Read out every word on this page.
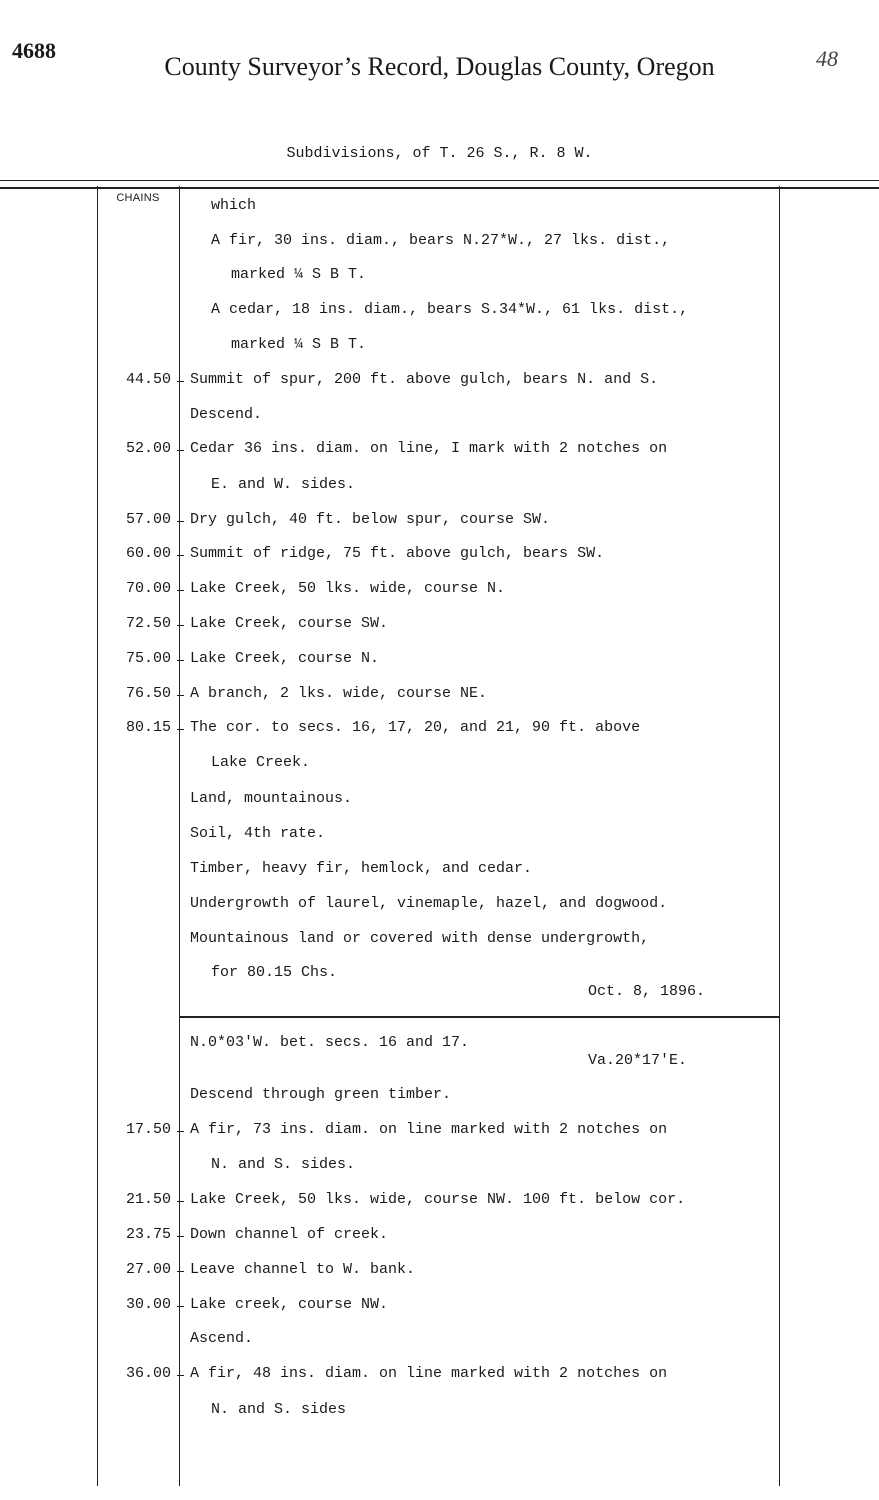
4688
County Surveyor’s Record, Douglas County, Oregon	48
Subdivisions, of T. 26 S., R. 8 W.
CHAINS	which
A fir, 30 ins. diam., bears N.27*W., 27 lks. dist.,
marked ¼ S B T.
A cedar, 18 ins. diam., bears S.34*W., 61 lks. dist.,
marked ¼ S B T.
44.50 Summit of spur, 200 ft. above gulch, bears N. and S.
Descend.
52.00 Cedar 36 ins. diam. on line, I mark with 2 notches on
E. and W. sides.
57.00 Dry gulch, 40 ft. below spur, course SW.
60.00 Summit of ridge, 75 ft. above gulch, bears SW.
70.00 Lake Creek, 50 lks. wide, course N.
72.50 Lake Creek, course SW.
75.00 Lake Creek, course N.
76.50 A branch, 2 lks. wide, course NE.
80.15 The cor. to secs. 16, 17, 20, and 21, 90 ft. above
Lake Creek.
Land, mountainous.
Soil, 4th rate.
Timber, heavy fir, hemlock, and cedar.
Undergrowth of laurel, vinemaple, hazel, and dogwood.
Mountainous land or covered with dense undergrowth,
for 80.15 Chs.
Oct. 8, 1896.
N.0*03'W. bet. secs. 16 and 17.
Va.20*17'E.
Descend through green timber.
17.50 A fir, 73 ins. diam. on line marked with 2 notches on
N. and S. sides.
21.50 Lake Creek, 50 lks. wide, course NW. 100 ft. below cor.
23.75 Down channel of creek.
27.00 Leave channel to W. bank.
30.00 Lake creek, course NW.
Ascend.
36.00 A fir, 48 ins. diam. on line marked with 2 notches on
N. and S. sides
